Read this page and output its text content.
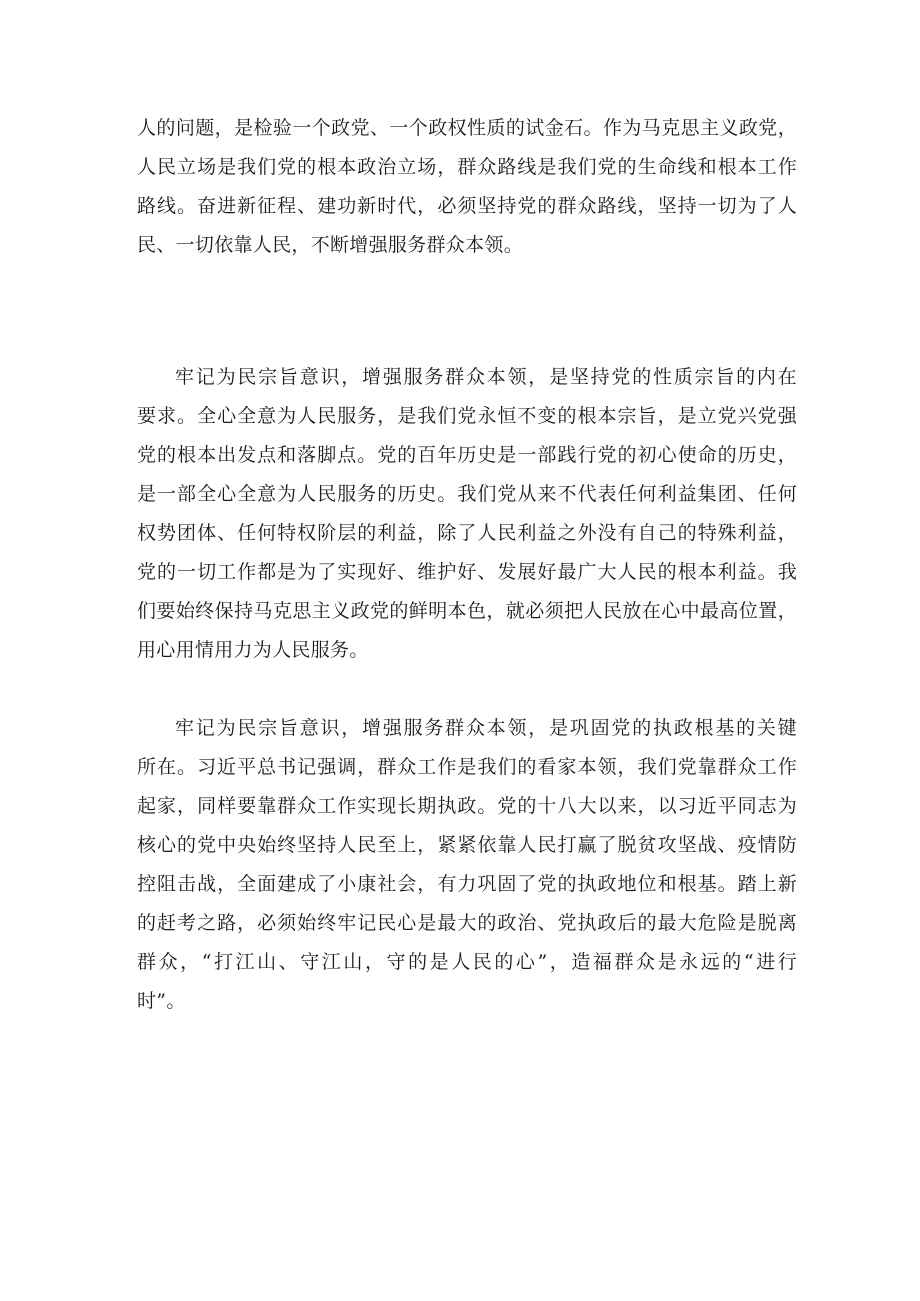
人的问题，是检验一个政党、一个政权性质的试金石。作为马克思主义政党，
人民立场是我们党的根本政治立场，群众路线是我们党的生命线和根本工作
路线。奋进新征程、建功新时代，必须坚持党的群众路线，坚持一切为了人
民、一切依靠人民，不断增强服务群众本领。

牢记为民宗旨意识，增强服务群众本领，是坚持党的性质宗旨的内在
要求。全心全意为人民服务，是我们党永恒不变的根本宗旨，是立党兴党强
党的根本出发点和落脚点。党的百年历史是一部践行党的初心使命的历史，
是一部全心全意为人民服务的历史。我们党从来不代表任何利益集团、任何
权势团体、任何特权阶层的利益，除了人民利益之外没有自己的特殊利益，
党的一切工作都是为了实现好、维护好、发展好最广大人民的根本利益。我
们要始终保持马克思主义政党的鲜明本色，就必须把人民放在心中最高位置，
用心用情用力为人民服务。

牢记为民宗旨意识，增强服务群众本领，是巩固党的执政根基的关键
所在。习近平总书记强调，群众工作是我们的看家本领，我们党靠群众工作
起家，同样要靠群众工作实现长期执政。党的十八大以来，以习近平同志为
核心的党中央始终坚持人民至上，紧紧依靠人民打赢了脱贫攻坚战、疫情防
控阻击战，全面建成了小康社会，有力巩固了党的执政地位和根基。踏上新
的赶考之路，必须始终牢记民心是最大的政治、党执政后的最大危险是脱离
群众，“打江山、守江山，守的是人民的心”，造福群众是永远的“进行
时”。
